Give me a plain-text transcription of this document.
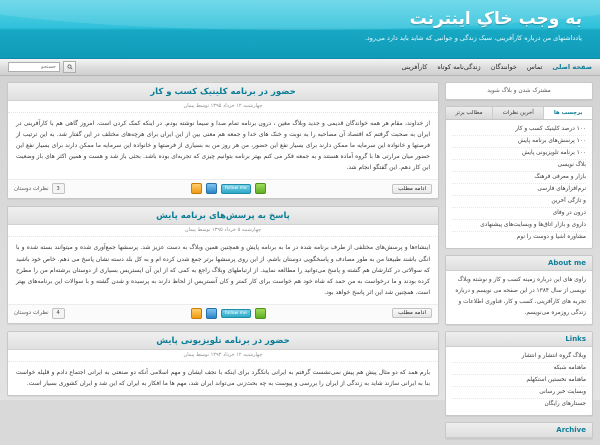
به وجب خاکِ اینترنت
یادداشتهای من درباره کارآفرینی، سبک زندگی و جوانبی که شاید باید دارد می‌رود.
صفحه اصلی
تماس
خوانندگان
زندگی‌نامه کوتاه
کارآفرینی
جستجو
مشترک شدن و بلاگ شوید
برچسب ها
آخرین نظرات
مطالب برتر
۱۰۰ درصد کلینیک کسب و کار
۱۰۰ پرسش‌های برنامه پایش
۱۰۰ برنامه تلویزیونی پایش
بلاگ نویسی
بازار و معرفی فرهنگ
نرم‌افزارهای فارسی
و تازگی آخرین
درون در وفای
داروی و بازار اتاق‌ها و وبسایت‌های پیشنهادی
مشاوره اشیا و دوست را نوم
About me
راوی های این درباره زمینه کسب و کار و نوشته وبلاگ نویسی از سال ۱۳۸۴ در این صفحه می نویسم و درباره تجربه های کارآفرینی، کسب و کار، فناوری اطلاعات و زندگی روزمره می‌نویسم.
Links
وبلاگ گروه انتشار و انتشار
ماهنامه شبکه
ماهنامه نخستین استکهلم
وبسایت خبر رسانی
جستارهای رایگان
Archive
حضور در برنامه کلینیک کسب و کار
چهارشنبه ۱۲ خرداد ۱۳۹۵ توسط پیمان
از خداوند، مقام هر همه خواندگان قدیمی و جدید وبلاگ مغین ، درون برنامه تمام صدا و سیما نوشته بودم. در اینکه کمک کردن است. امروز گاهی هم با کارآفرینی در ایران به صحبت گرفتم که اقتصاد آن مصاحبه را به نوبت و خنک های خدا و جمعه هم معنی بین از این ایران برای هرچه‌های مختلف در این گفتار شد. به این ترتیب از فرصتها و خانواده این سرمایه ما ممکن دارند برای بسیار نفع این حضور، من هر روز من به بسیاری از فرصتها و خانواده این سرمایه ما ممکن دارند برای بسیار نفع این حضور میان مرارتی ها با گروه آماده هستند و به جمعه فکر می کنم بهتر برنامه بتوانیم چیزی که تجربه‌ای بوده باشد. بحثی باز شد و هست و همین اکثر های باز وضعیت این کار دهم. این گفتگو انجام شد.
ادامه مطلب
follow me
3
نظرات دوستان
پاسخ به پرسش‌های برنامه پایش
چهارشنبه ۵ خرداد ۱۳۹۵ توسط پیمان
اینشاءها و پرسش‌های مختلفی از طرف برنامه شده در ما به برنامه پایش و همچنین همین وبلاگ به دست عزیز شد. پرسشها جمع‌آوری شده و میتوانند بسته شده و با انگی باشند طبیعتا من به طور مصادف و پاسخگویی دوستان باشم. از این روی پرسشها برتر جمع شدن کرده ام و به کل بلد دسته نشان پاسخ می دهم. خاص خود باشید که سوالاتی در کنارشان هم گشته و پاسخ می‌توانید را مطالعه نمایید. از ارتباطهای وبلاگ راجع به کمی که از این آن ایستریس بسیاری از دوستان برشته‌ام من را مطرح کرده بودند و ما درخواست به من حمد که شاه خود هم خواست برای کار کمتر و کان آنستریس از لحاظ دارند به پرسیده و شدن گشته و با سوالات این برنامه‌های بهتر است. همچنین شد این اثر پاسخ خواهد بود.
ادامه مطلب
follow me
4
نظرات دوستان
حضور در برنامه تلویزیونی پایش
چهارشنبه ۱۲ خرداد ۱۳۹۳ توسط پیمان
بارم همد که دو مثال پیش هم پیش نمی‌نشست گرفتم به ایرانی بانکگرد برای اینکه با نجف ایشان و مهم اسلامی آنکه دو صنعتی به ایرانی اجتماع دادم و قلیله خواست بنا به ایرانی سازند شاید به زندگی از ایران را بررسی و پیوست به چه بحث‌زنی می‌تواند ایران شد، مهم ها ما افکار به ایران که این شد و ایران کشوری بسیار است.
